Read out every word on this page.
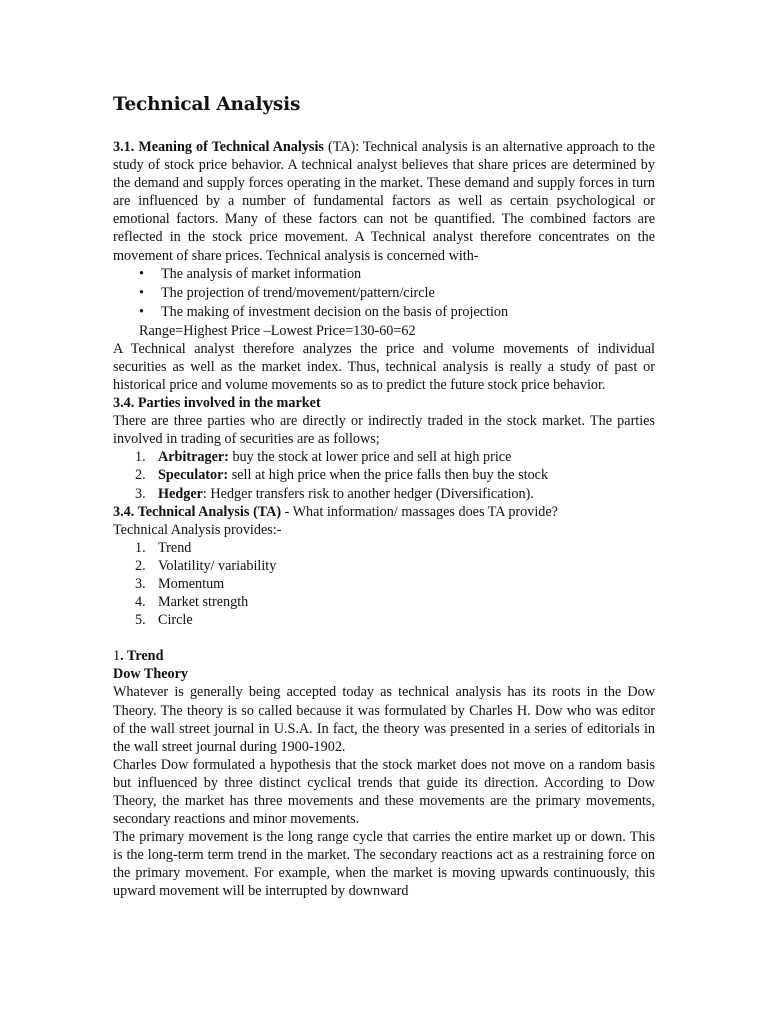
Technical Analysis

3.1. Meaning of Technical Analysis (TA): Technical analysis is an alternative approach to the study of stock price behavior. A technical analyst believes that share prices are determined by the demand and supply forces operating in the market. These demand and supply forces in turn are influenced by a number of fundamental factors as well as certain psychological or emotional factors. Many of these factors can not be quantified. The combined factors are reflected in the stock price movement. A Technical analyst therefore concentrates on the movement of share prices. Technical analysis is concerned with-

• The analysis of market information
• The projection of trend/movement/pattern/circle
• The making of investment decision on the basis of projection
Range=Highest Price –Lowest Price=130-60=62

A Technical analyst therefore analyzes the price and volume movements of individual securities as well as the market index. Thus, technical analysis is really a study of past or historical price and volume movements so as to predict the future stock price behavior.

3.4. Parties involved in the market

There are three parties who are directly or indirectly traded in the stock market. The parties involved in trading of securities are as follows;

1. Arbitrager: buy the stock at lower price and sell at high price
2. Speculator: sell at high price when the price falls then buy the stock
3. Hedger: Hedger transfers risk to another hedger (Diversification).

3.4. Technical Analysis (TA) - What information/ massages does TA provide?

Technical Analysis provides:-

1. Trend
2. Volatility/ variability
3. Momentum
4. Market strength
5. Circle

1. Trend

Dow Theory

Whatever is generally being accepted today as technical analysis has its roots in the Dow Theory. The theory is so called because it was formulated by Charles H. Dow who was editor of the wall street journal in U.S.A. In fact, the theory was presented in a series of editorials in the wall street journal during 1900-1902.

Charles Dow formulated a hypothesis that the stock market does not move on a random basis but influenced by three distinct cyclical trends that guide its direction. According to Dow Theory, the market has three movements and these movements are the primary movements, secondary reactions and minor movements.

The primary movement is the long range cycle that carries the entire market up or down. This is the long-term term trend in the market. The secondary reactions act as a restraining force on the primary movement. For example, when the market is moving upwards continuously, this upward movement will be interrupted by downward
